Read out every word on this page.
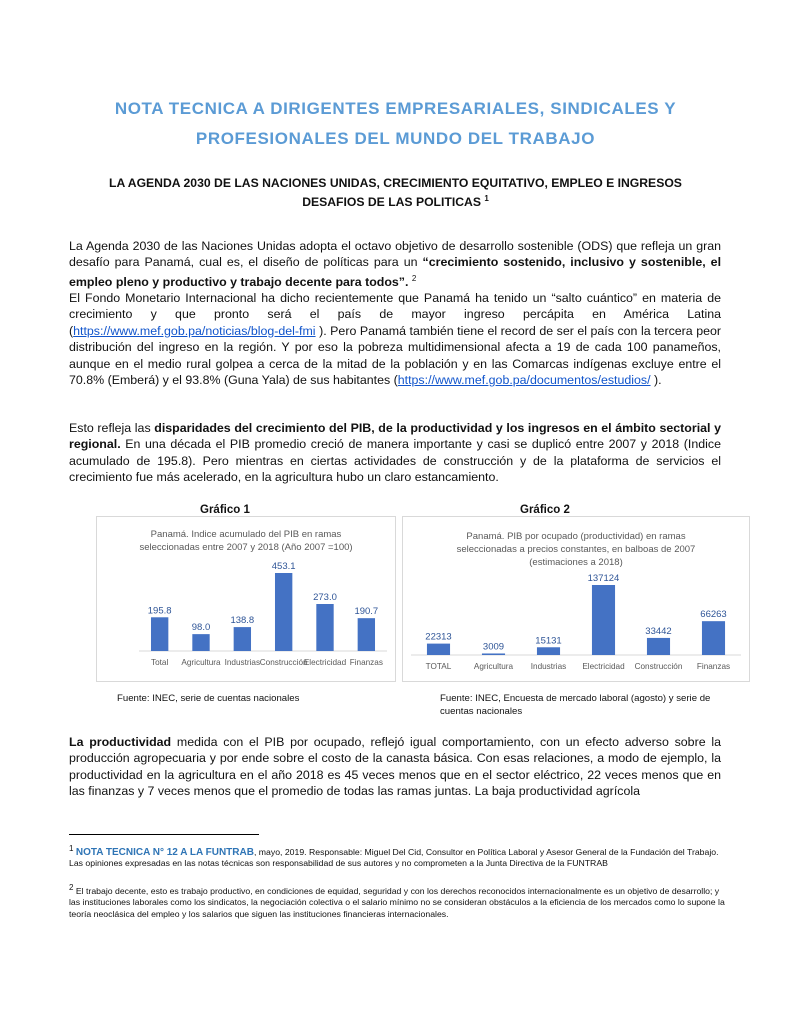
NOTA TECNICA A DIRIGENTES EMPRESARIALES, SINDICALES Y PROFESIONALES DEL MUNDO DEL TRABAJO
LA AGENDA 2030 DE LAS NACIONES UNIDAS, CRECIMIENTO EQUITATIVO, EMPLEO E INGRESOS DESAFIOS DE LAS POLITICAS $^1$
La Agenda 2030 de las Naciones Unidas adopta el octavo objetivo de desarrollo sostenible (ODS) que refleja un gran desafío para Panamá, cual es, el diseño de políticas para un “crecimiento sostenido, inclusivo y sostenible, el empleo pleno y productivo y trabajo decente para todos”. $^2$
El Fondo Monetario Internacional ha dicho recientemente que Panamá ha tenido un “salto cuántico” en materia de crecimiento y que pronto será el país de mayor ingreso percápita en América Latina (https://www.mef.gob.pa/noticias/blog-del-fmi ). Pero Panamá también tiene el record de ser el país con la tercera peor distribución del ingreso en la región. Y por eso la pobreza multidimensional afecta a 19 de cada 100 panameños, aunque en el medio rural golpea a cerca de la mitad de la población y en las Comarcas indígenas excluye entre el 70.8% (Emberá) y el 93.8% (Guna Yala) de sus habitantes (https://www.mef.gob.pa/documentos/estudios/ ).
Esto refleja las disparidades del crecimiento del PIB, de la productividad y los ingresos en el ámbito sectorial y regional. En una década el PIB promedio creció de manera importante y casi se duplicó entre 2007 y 2018 (Indice acumulado de 195.8). Pero mientras en ciertas actividades de construcción y de la plataforma de servicios el crecimiento fue más acelerado, en la agricultura hubo un claro estancamiento.
Gráfico 1	Gráfico 2
Panamá. Indice acumulado del PIB en ramas
seleccionadas entre 2007 y 2018 (Año 2007 =100)
195.8
Total
98.0
Agricultura
138.8
Industrias
453.1
Construcción
273.0
Electricidad
190.7
Finanzas
Panamá. PIB por ocupado (productividad) en ramas
seleccionadas a precios constantes, en balboas de 2007
(estimaciones a 2018)
22313
TOTAL
3009
Agricultura
15131
Industrias
137124
Electricidad
33442
Construcción
66263
Finanzas
Fuente: INEC, serie de cuentas nacionales	Fuente: INEC, Encuesta de mercado laboral (agosto) y serie de cuentas nacionales
La productividad medida con el PIB por ocupado, reflejó igual comportamiento, con un efecto adverso sobre la producción agropecuaria y por ende sobre el costo de la canasta básica. Con esas relaciones, a modo de ejemplo, la productividad en la agricultura en el año 2018 es 45 veces menos que en el sector eléctrico, 22 veces menos que en las finanzas y 7 veces menos que el promedio de todas las ramas juntas. La baja productividad agrícola
$^1$ NOTA TECNICA N° 12 A LA FUNTRAB, mayo, 2019. Responsable: Miguel Del Cid, Consultor en Política Laboral y Asesor General de la Fundación del Trabajo. Las opiniones expresadas en las notas técnicas son responsabilidad de sus autores y no comprometen a la Junta Directiva de la FUNTRAB
$^2$ El trabajo decente, esto es trabajo productivo, en condiciones de equidad, seguridad y con los derechos reconocidos internacionalmente es un objetivo de desarrollo; y las instituciones laborales como los sindicatos, la negociación colectiva o el salario mínimo no se consideran obstáculos a la eficiencia de los mercados como lo supone la teoría neoclásica del empleo y los salarios que siguen las instituciones financieras internacionales.
